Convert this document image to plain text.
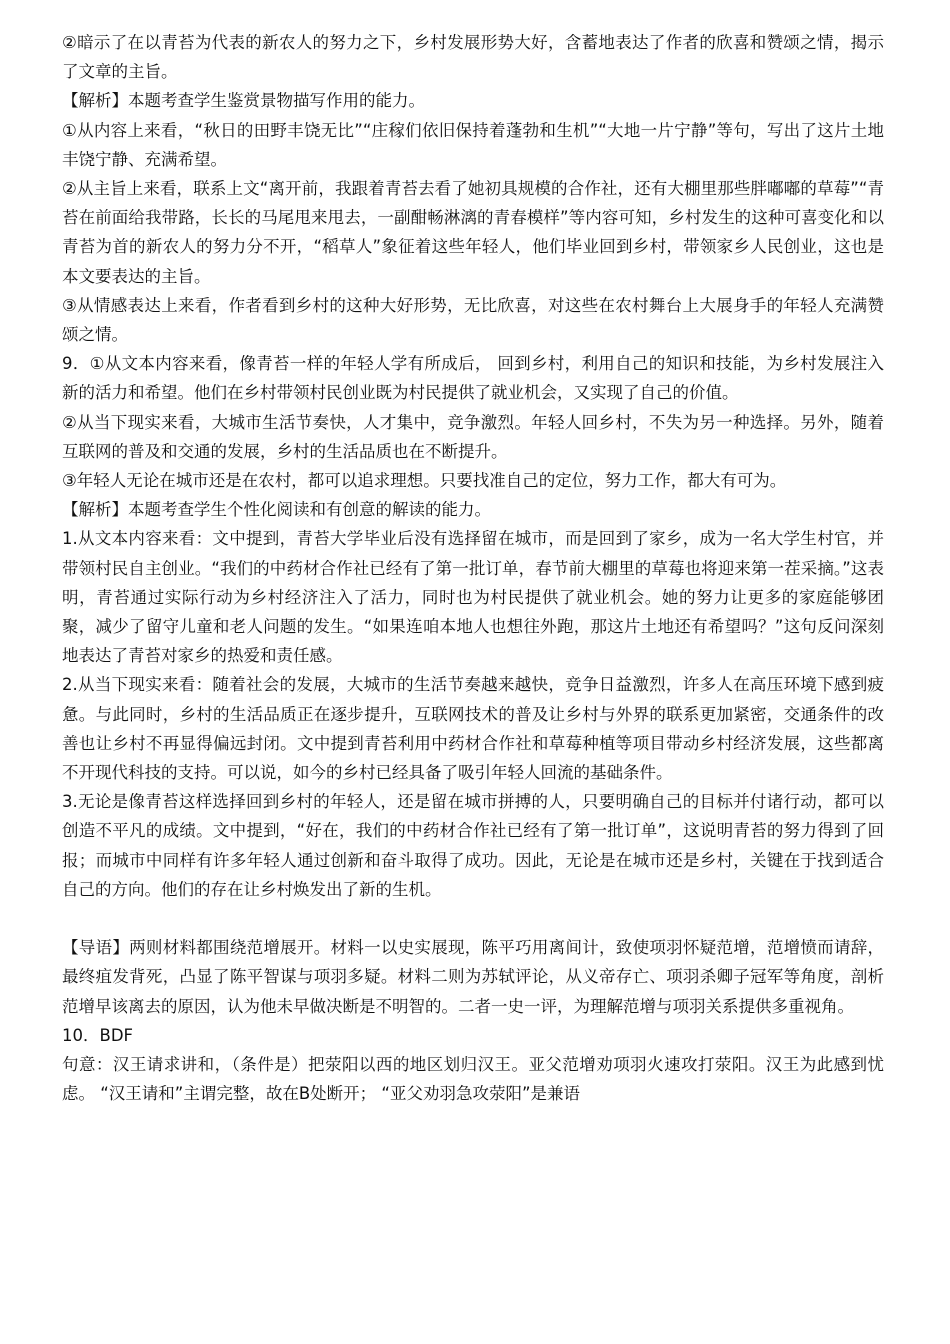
②暗示了在以青苔为代表的新农人的努力之下，乡村发展形势大好，含蓄地表达了作者的欣喜和赞颂之情，揭示了文章的主旨。

【解析】本题考查学生鉴赏景物描写作用的能力。

①从内容上来看，“秋日的田野丰饶无比”“庄稼们依旧保持着蓬勃和生机”“大地一片宁静”等句，写出了这片土地丰饶宁静、充满希望。

②从主旨上来看，联系上文“离开前，我跟着青苔去看了她初具规模的合作社，还有大棚里那些胖嘟嘟的草莓”“青苔在前面给我带路，长长的马尾甩来甩去，一副酣畅淋漓的青春模样”等内容可知，乡村发生的这种可喜变化和以青苔为首的新农人的努力分不开，“稻草人”象征着这些年轻人，他们毕业回到乡村，带领家乡人民创业，这也是本文要表达的主旨。

③从情感表达上来看，作者看到乡村的这种大好形势，无比欣喜，对这些在农村舞台上大展身手的年轻人充满赞颂之情。

9．①从文本内容来看，像青苔一样的年轻人学有所成后， 回到乡村，利用自己的知识和技能，为乡村发展注入新的活力和希望。他们在乡村带领村民创业既为村民提供了就业机会，又实现了自己的价值。

②从当下现实来看，大城市生活节奏快，人才集中，竞争激烈。年轻人回乡村，不失为另一种选择。另外，随着互联网的普及和交通的发展，乡村的生活品质也在不断提升。

③年轻人无论在城市还是在农村，都可以追求理想。只要找准自己的定位，努力工作，都大有可为。

【解析】本题考查学生个性化阅读和有创意的解读的能力。

1.从文本内容来看：文中提到，青苔大学毕业后没有选择留在城市，而是回到了家乡，成为一名大学生村官，并带领村民自主创业。“我们的中药材合作社已经有了第一批订单，春节前大棚里的草莓也将迎来第一茬采摘。”这表明，青苔通过实际行动为乡村经济注入了活力，同时也为村民提供了就业机会。她的努力让更多的家庭能够团聚，减少了留守儿童和老人问题的发生。“如果连咱本地人也想往外跑，那这片土地还有希望吗？”这句反问深刻地表达了青苔对家乡的热爱和责任感。

2.从当下现实来看：随着社会的发展，大城市的生活节奏越来越快，竞争日益激烈，许多人在高压环境下感到疲惫。与此同时，乡村的生活品质正在逐步提升，互联网技术的普及让乡村与外界的联系更加紧密，交通条件的改善也让乡村不再显得偏远封闭。文中提到青苔利用中药材合作社和草莓种植等项目带动乡村经济发展，这些都离不开现代科技的支持。可以说，如今的乡村已经具备了吸引年轻人回流的基础条件。

3.无论是像青苔这样选择回到乡村的年轻人，还是留在城市拼搏的人，只要明确自己的目标并付诸行动，都可以创造不平凡的成绩。文中提到，“好在，我们的中药材合作社已经有了第一批订单”，这说明青苔的努力得到了回报；而城市中同样有许多年轻人通过创新和奋斗取得了成功。因此，无论是在城市还是乡村，关键在于找到适合自己的方向。他们的存在让乡村焕发出了新的生机。

【导语】两则材料都围绕范增展开。材料一以史实展现，陈平巧用离间计，致使项羽怀疑范增，范增愤而请辞，最终疽发背死，凸显了陈平智谋与项羽多疑。材料二则为苏轼评论，从义帝存亡、项羽杀卿子冠军等角度，剖析范增早该离去的原因，认为他未早做决断是不明智的。二者一史一评，为理解范增与项羽关系提供多重视角。

10．BDF

句意：汉王请求讲和，（条件是）把荥阳以西的地区划归汉王。亚父范增劝项羽火速攻打荥阳。汉王为此感到忧虑。 “汉王请和”主谓完整，故在B处断开； “亚父劝羽急攻荥阳”是兼语
